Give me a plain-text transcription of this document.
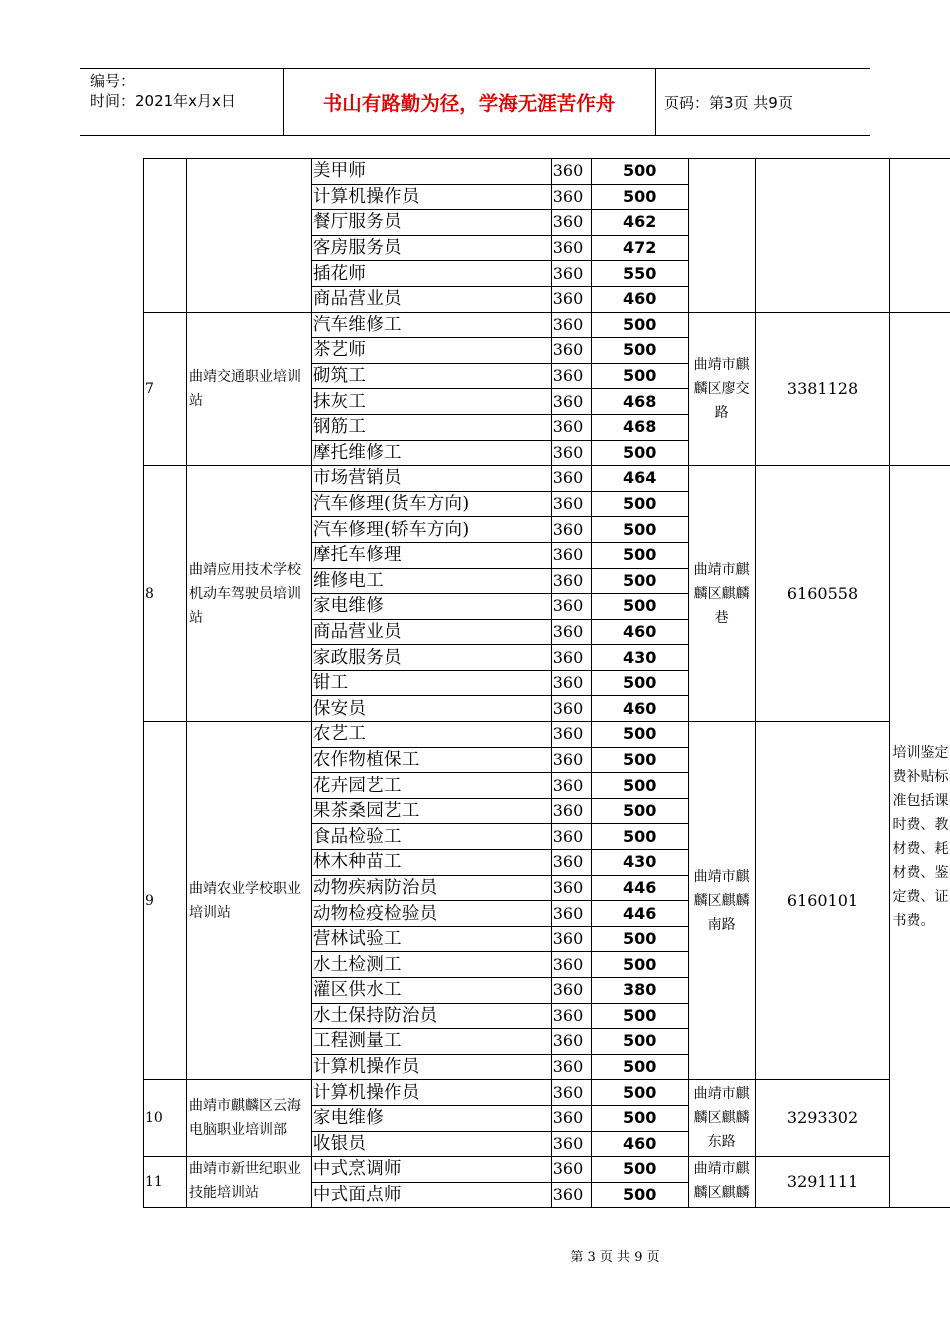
编号：
时间：2021年x月x日	书山有路勤为径，学海无涯苦作舟	页码：第3页 共9页
		美甲师	360	500			
		计算机操作员	360	500			
		餐厅服务员	360	462			
		客房服务员	360	472			
		插花师	360	550			
		商品营业员	360	460			
7	曲靖交通职业培训站	汽车维修工	360	500	曲靖市麒麟区廖交路	3381128	
		茶艺师	360	500			
		砌筑工	360	500			
		抹灰工	360	468			
		钢筋工	360	468			
		摩托维修工	360	500			
8	曲靖应用技术学校机动车驾驶员培训站	市场营销员	360	464	曲靖市麒麟区麒麟巷	6160558	培训鉴定费补贴标准包括课时费、教材费、耗材费、鉴定费、证书费。
		汽车修理(货车方向)	360	500			
		汽车修理(轿车方向)	360	500			
		摩托车修理	360	500			
		维修电工	360	500			
		家电维修	360	500			
		商品营业员	360	460			
		家政服务员	360	430			
		钳工	360	500			
		保安员	360	460			
9	曲靖农业学校职业培训站	农艺工	360	500	曲靖市麒麟区麒麟南路	6160101	
		农作物植保工	360	500			
		花卉园艺工	360	500			
		果茶桑园艺工	360	500			
		食品检验工	360	500			
		林木种苗工	360	430			
		动物疾病防治员	360	446			
		动物检疫检验员	360	446			
		营林试验工	360	500			
		水土检测工	360	500			
		灌区供水工	360	380			
		水土保持防治员	360	500			
		工程测量工	360	500			
		计算机操作员	360	500			
10	曲靖市麒麟区云海电脑职业培训部	计算机操作员	360	500	曲靖市麒麟区麒麟东路	3293302	
		家电维修	360	500			
		收银员	360	460			
11	曲靖市新世纪职业技能培训站	中式烹调师	360	500	曲靖市麒麟区麒麟	3291111	
		中式面点师	360	500			
第 3 页 共 9 页
